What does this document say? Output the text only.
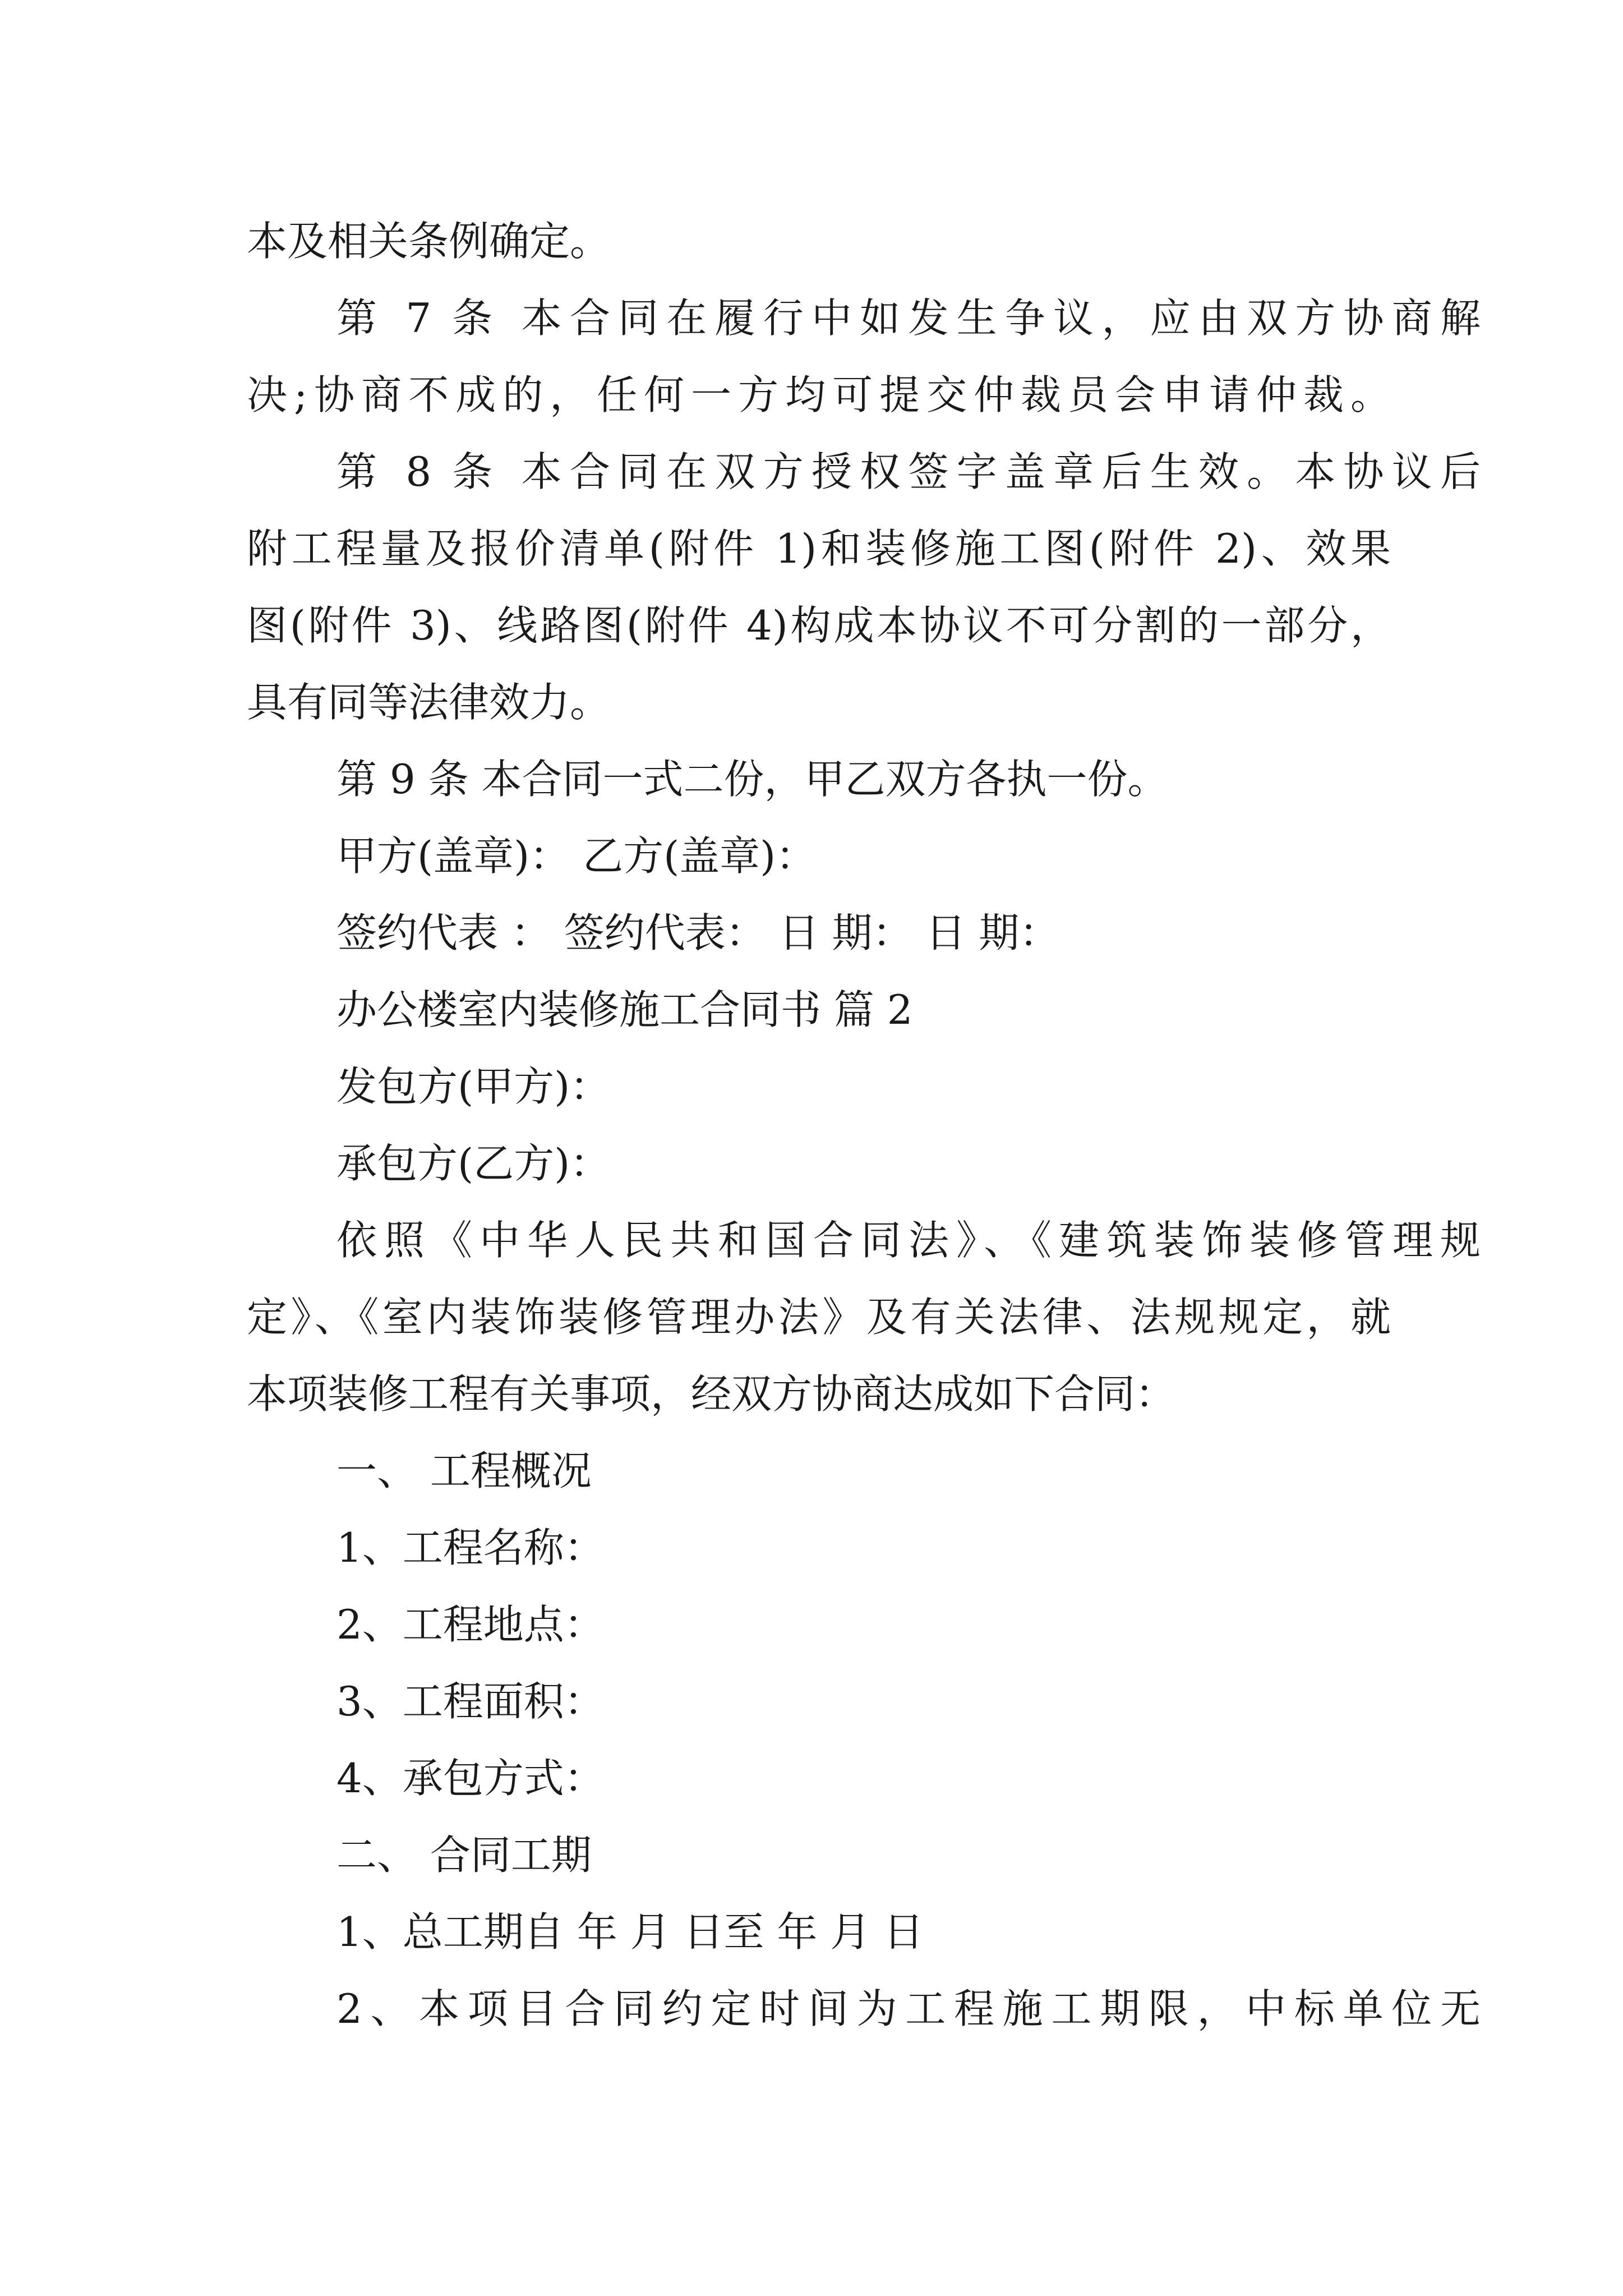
本及相关条例确定。

第 7 条 本合同在履行中如发生争议，应由双方协商解

决;协商不成的，任何一方均可提交仲裁员会申请仲裁。

第 8 条 本合同在双方授权签字盖章后生效。本协议后

附工程量及报价清单(附件 1)和装修施工图(附件 2)、效果

图(附件 3)、线路图(附件 4)构成本协议不可分割的一部分，

具有同等法律效力。

第 9 条 本合同一式二份，甲乙双方各执一份。

甲方(盖章)： 乙方(盖章)：

签约代表 ： 签约代表： 日 期： 日 期：

办公楼室内装修施工合同书 篇 2

发包方(甲方)：

承包方(乙方)：

依照《中华人民共和国合同法》、《建筑装饰装修管理规

定》、《室内装饰装修管理办法》及有关法律、法规规定，就

本项装修工程有关事项，经双方协商达成如下合同：

一、 工程概况

1、工程名称：

2、工程地点：

3、工程面积：

4、承包方式：

二、 合同工期

1、总工期自 年 月 日至 年 月 日

2、本项目合同约定时间为工程施工期限，中标单位无
